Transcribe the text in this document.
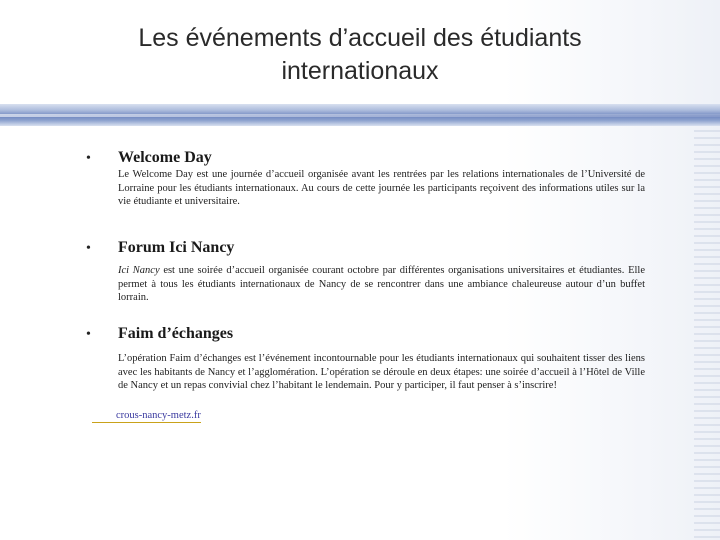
Les événements d’accueil des étudiants internationaux
• Welcome Day
Le Welcome Day est une journée d’accueil organisée avant les rentrées par les relations internationales de l’Université de Lorraine pour les étudiants internationaux. Au cours de cette journée les participants reçoivent des informations utiles sur la vie étudiante et universitaire.
• Forum Ici Nancy
Ici Nancy est une soirée d’accueil organisée courant octobre par différentes organisations universitaires et étudiantes. Elle permet à tous les étudiants internationaux de Nancy de se rencontrer dans une ambiance chaleureuse autour d’un buffet lorrain.
• Faim d’échanges
L’opération Faim d’échanges est l’événement incontournable pour les étudiants internationaux qui souhaitent tisser des liens avec les habitants de Nancy et l’agglomération. L’opération se déroule en deux étapes: une soirée d’accueil à l’Hôtel de Ville de Nancy et un repas convivial chez l’habitant le lendemain. Pour y participer, il faut penser à s’inscrire!
crous-nancy-metz.fr
